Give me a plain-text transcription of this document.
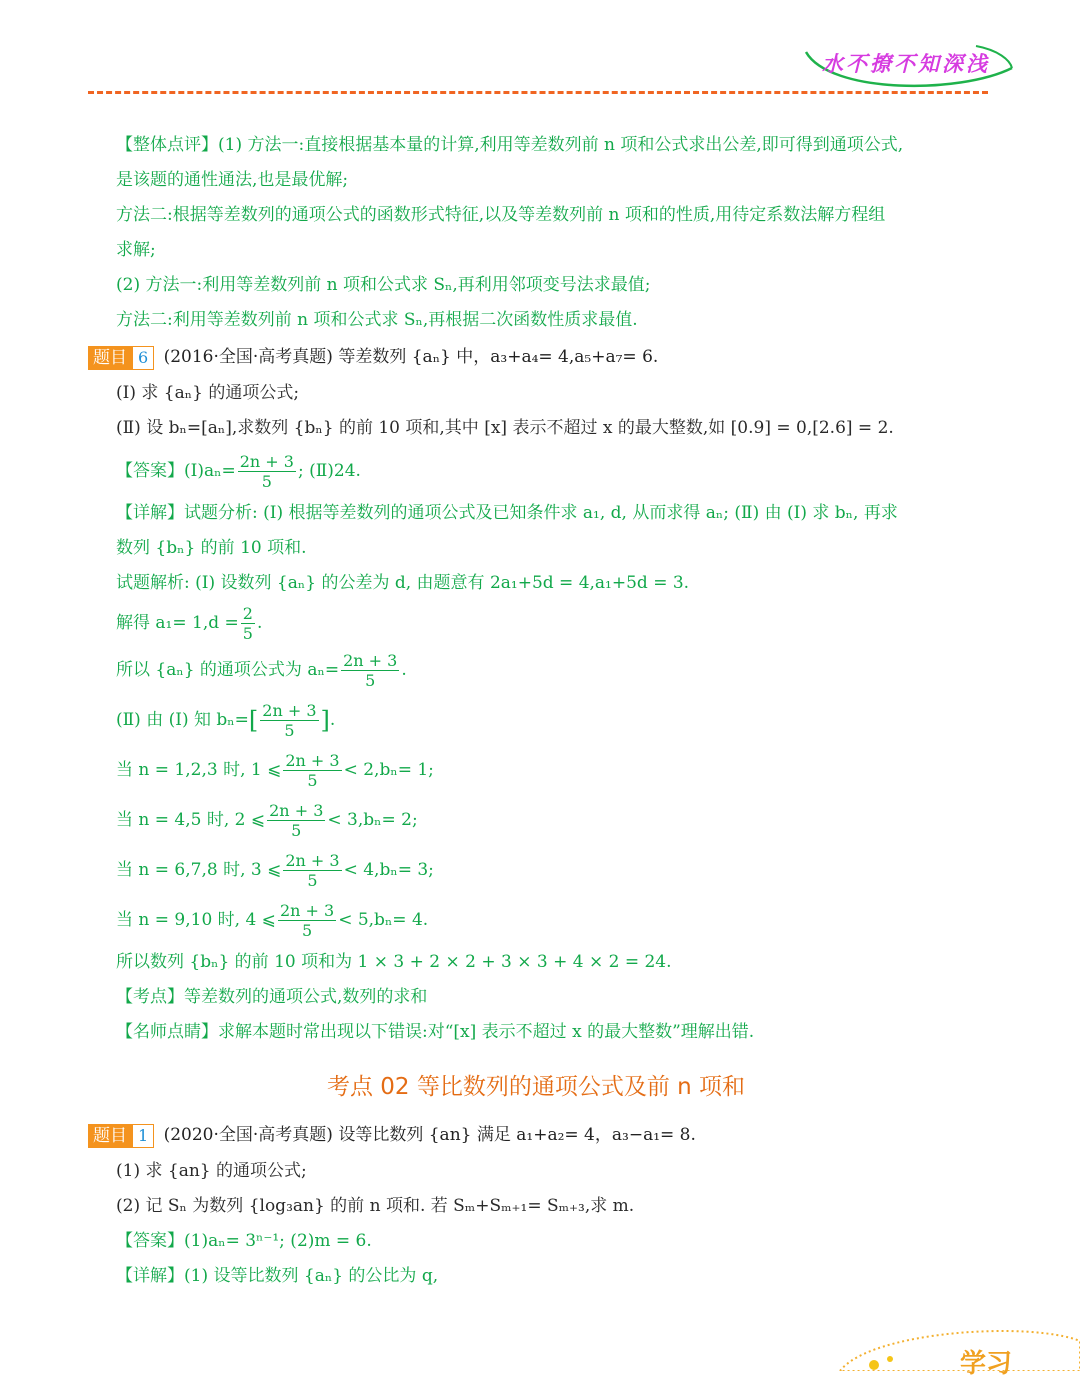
水不撩不知深浅
【整体点评】(1) 方法一:直接根据基本量的计算,利用等差数列前 n 项和公式求出公差,即可得到通项公式,
是该题的通性通法,也是最优解;
方法二:根据等差数列的通项公式的函数形式特征,以及等差数列前 n 项和的性质,用待定系数法解方程组
求解;
(2) 方法一:利用等差数列前 n 项和公式求 Sₙ,再利用邻项变号法求最值;
方法二:利用等差数列前 n 项和公式求 Sₙ,再根据二次函数性质求最值.
题目 6 (2016·全国·高考真题) 等差数列 {aₙ} 中，a₃+a₄= 4,a₅+a₇= 6.
(Ⅰ) 求 {aₙ} 的通项公式;
(Ⅱ) 设 bₙ=[aₙ],求数列 {bₙ} 的前 10 项和,其中 [x] 表示不超过 x 的最大整数,如 [0.9] = 0,[2.6] = 2.
【答案】(Ⅰ)aₙ= $\frac{2n + 3}{5}$ ; (Ⅱ)24.
【详解】试题分析: (Ⅰ) 根据等差数列的通项公式及已知条件求 a₁, d, 从而求得 aₙ; (Ⅱ) 由 (Ⅰ) 求 bₙ, 再求
数列 {bₙ} 的前 10 项和.
试题解析: (Ⅰ) 设数列 {aₙ} 的公差为 d, 由题意有 2a₁+5d = 4,a₁+5d = 3.
解得 $a_1= 1,d = \frac{2}{5}$ .
所以 {aₙ} 的通项公式为 $a_n= \frac{2n + 3}{5}$ .
(Ⅱ) 由 (Ⅰ) 知 $b_n=[ \frac{2n + 3}{5}$ ].
当 n = 1,2,3 时, 1 ⩽ $\frac{2n + 3}{5} < 2,b_n= 1$;
当 n = 4,5 时, 2 ⩽ $\frac{2n + 3}{5} < 3,b_n= 2$;
当 n = 6,7,8 时, 3 ⩽ $\frac{2n + 3}{5} < 4,b_n= 3$;
当 n = 9,10 时, 4 ⩽ $\frac{2n + 3}{5} < 5,b_n= 4$.
所以数列 {bₙ} 的前 10 项和为 1 × 3 + 2 × 2 + 3 × 3 + 4 × 2 = 24.
【考点】等差数列的通项公式,数列的求和
【名师点睛】求解本题时常出现以下错误:对“[x] 表示不超过 x 的最大整数”理解出错.
考点 02 等比数列的通项公式及前 n 项和
题目 1 (2020·全国·高考真题) 设等比数列 {an} 满足 a₁+a₂= 4，a₃−a₁= 8.
(1) 求 {an} 的通项公式;
(2) 记 Sₙ 为数列 {log₃an} 的前 n 项和. 若 Sₘ+Sₘ₊₁= Sₘ₊₃,求 m.
【答案】(1)aₙ= 3ⁿ⁻¹; (2)m = 6.
【详解】(1) 设等比数列 {aₙ} 的公比为 q,
学习
